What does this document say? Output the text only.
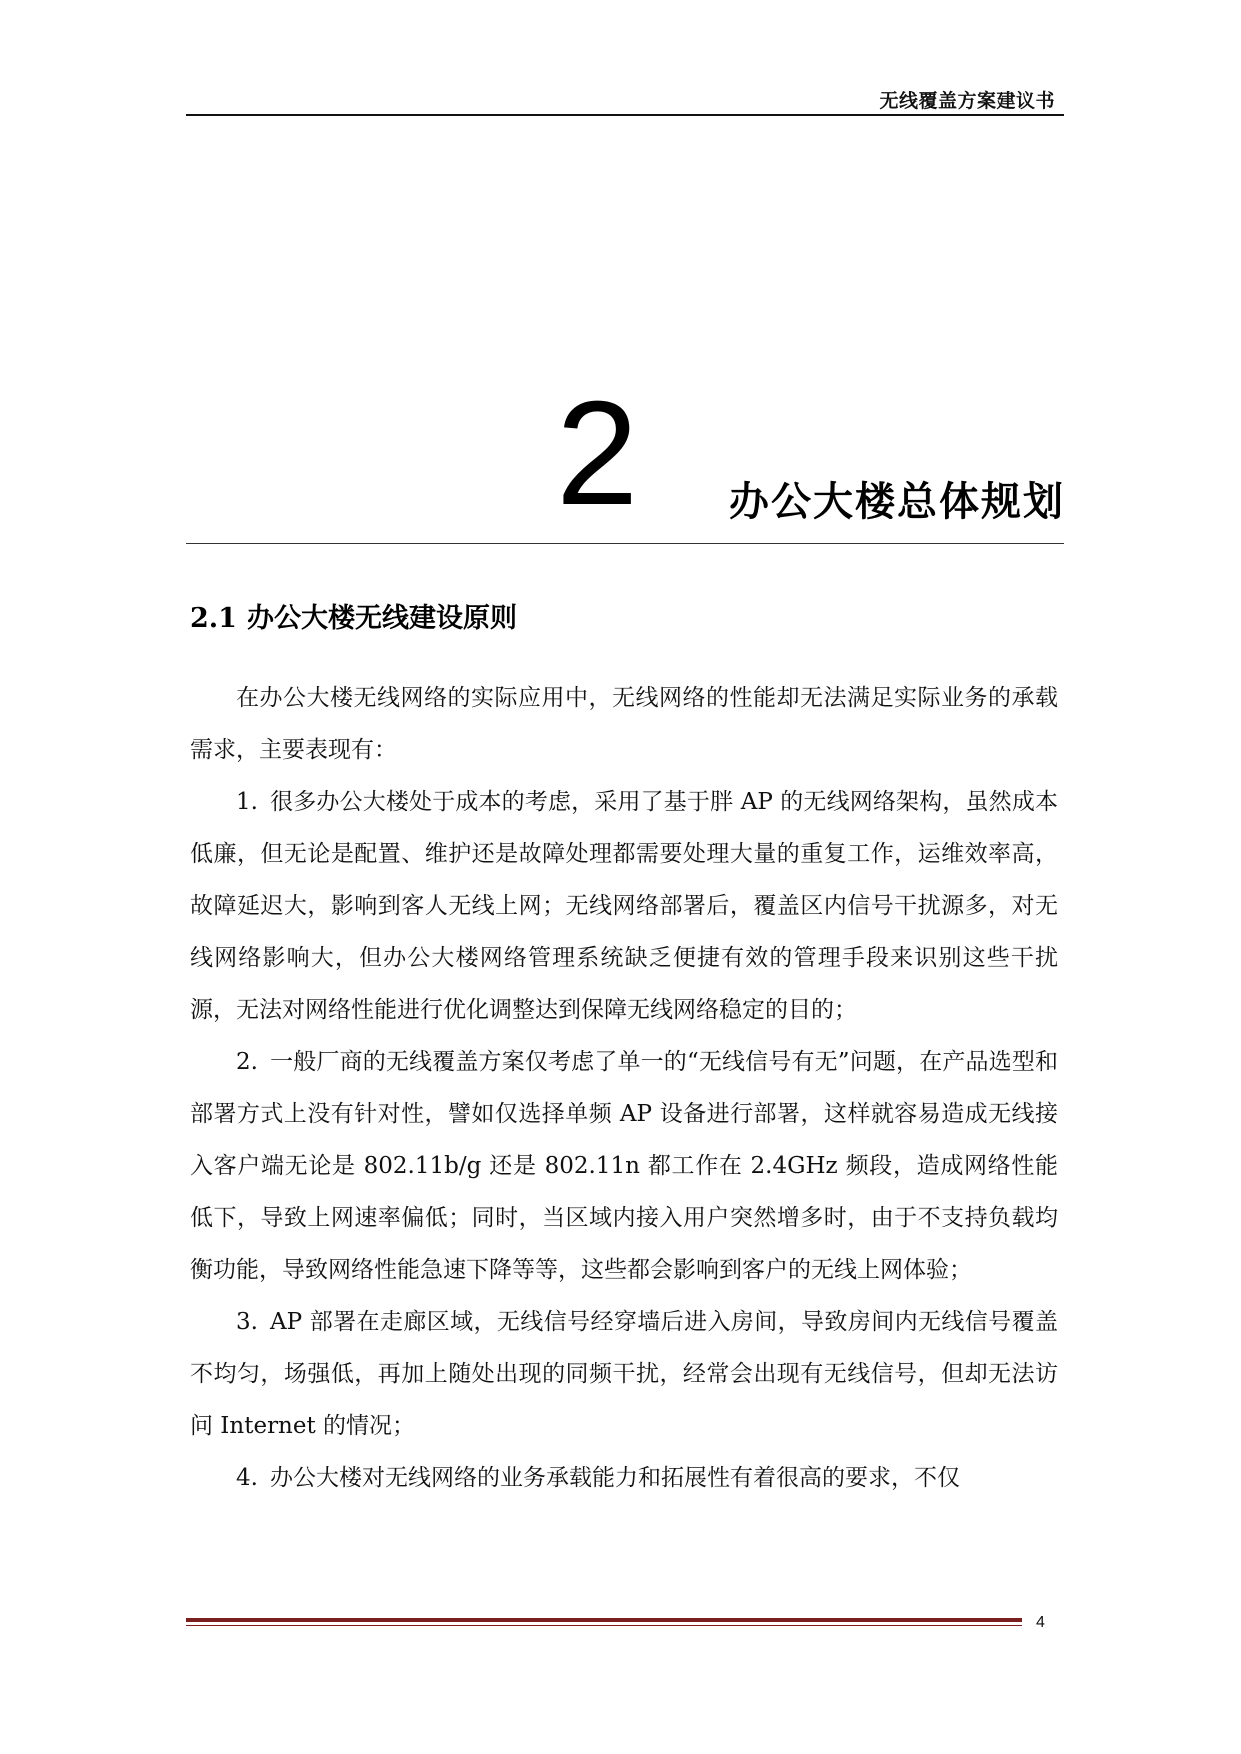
无线覆盖方案建议书
2 办公大楼总体规划
2.1 办公大楼无线建设原则

在办公大楼无线网络的实际应用中，无线网络的性能却无法满足实际业务的承载需求，主要表现有：

1. 很多办公大楼处于成本的考虑，采用了基于胖 AP 的无线网络架构，虽然成本低廉，但无论是配置、维护还是故障处理都需要处理大量的重复工作，运维效率高，故障延迟大，影响到客人无线上网；无线网络部署后，覆盖区内信号干扰源多，对无线网络影响大，但办公大楼网络管理系统缺乏便捷有效的管理手段来识别这些干扰源，无法对网络性能进行优化调整达到保障无线网络稳定的目的；

2. 一般厂商的无线覆盖方案仅考虑了单一的“无线信号有无”问题，在产品选型和部署方式上没有针对性，譬如仅选择单频 AP 设备进行部署，这样就容易造成无线接入客户端无论是 802.11b/g 还是 802.11n 都工作在 2.4GHz 频段，造成网络性能低下，导致上网速率偏低；同时，当区域内接入用户突然增多时，由于不支持负载均衡功能，导致网络性能急速下降等等，这些都会影响到客户的无线上网体验；

3. AP 部署在走廊区域，无线信号经穿墙后进入房间，导致房间内无线信号覆盖不均匀，场强低，再加上随处出现的同频干扰，经常会出现有无线信号，但却无法访问 Internet 的情况；

4. 办公大楼对无线网络的业务承载能力和拓展性有着很高的要求，不仅

4
